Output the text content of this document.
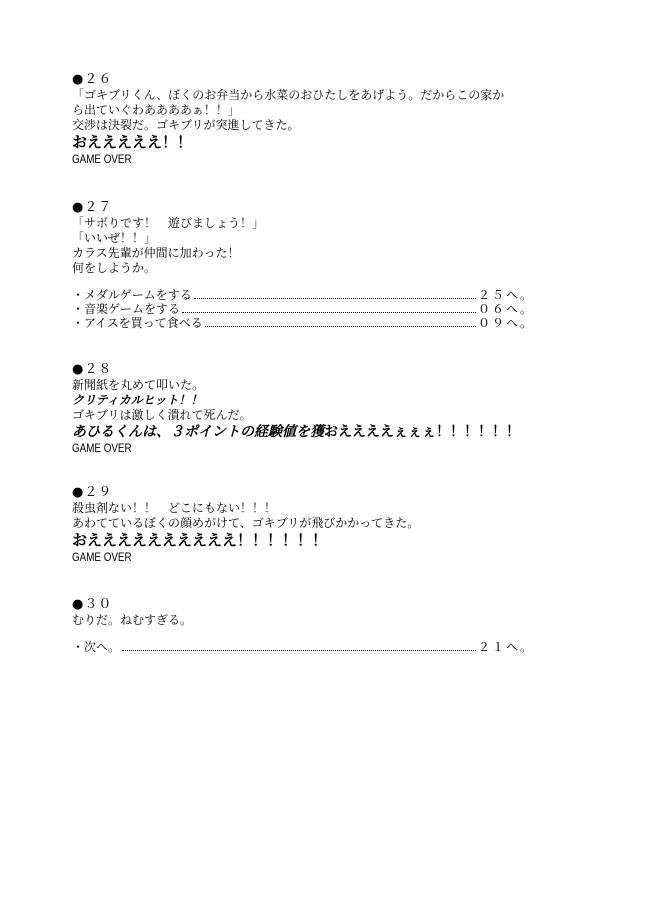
●２６
「ゴキブリくん、ぼくのお弁当から水菜のおひたしをあげよう。だからこの家か
ら出ていぐわああああぁ！！」
交渉は決裂だ。ゴキブリが突進してきた。
おえええええ！！
GAME OVER
●２７
「サボりです！　遊びましょう！」
「いいぜ！！」
カラス先輩が仲間に加わった！
何をしようか。
・メダルゲームをする	２５へ。
・音楽ゲームをする	０６へ。
・アイスを買って食べる	０９へ。
●２８
新聞紙を丸めて叩いた。
クリティカルヒット！！
ゴキブリは激しく潰れて死んだ。
あひるくんは、３ポイントの経験値を獲おええええぇぇぇ！！！！！！
GAME OVER
●２９
殺虫剤ない！！　どこにもない！！！
あわてているぼくの顔めがけて、ゴキブリが飛びかかってきた。
おええええええええええ！！！！！！
GAME OVER
●３０
むりだ。ねむすぎる。
・次へ。	２１へ。
